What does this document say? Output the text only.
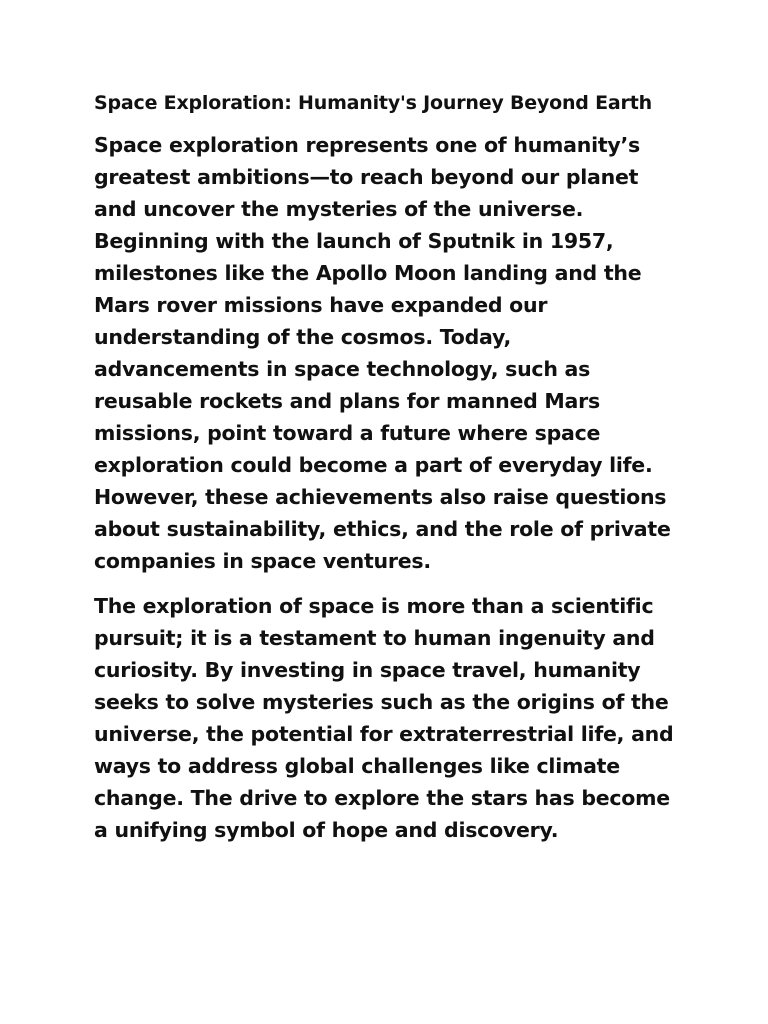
Space Exploration: Humanity's Journey Beyond Earth

Space exploration represents one of humanity’s greatest ambitions—to reach beyond our planet and uncover the mysteries of the universe. Beginning with the launch of Sputnik in 1957, milestones like the Apollo Moon landing and the Mars rover missions have expanded our understanding of the cosmos. Today, advancements in space technology, such as reusable rockets and plans for manned Mars missions, point toward a future where space exploration could become a part of everyday life. However, these achievements also raise questions about sustainability, ethics, and the role of private companies in space ventures.

The exploration of space is more than a scientific pursuit; it is a testament to human ingenuity and curiosity. By investing in space travel, humanity seeks to solve mysteries such as the origins of the universe, the potential for extraterrestrial life, and ways to address global challenges like climate change. The drive to explore the stars has become a unifying symbol of hope and discovery.
